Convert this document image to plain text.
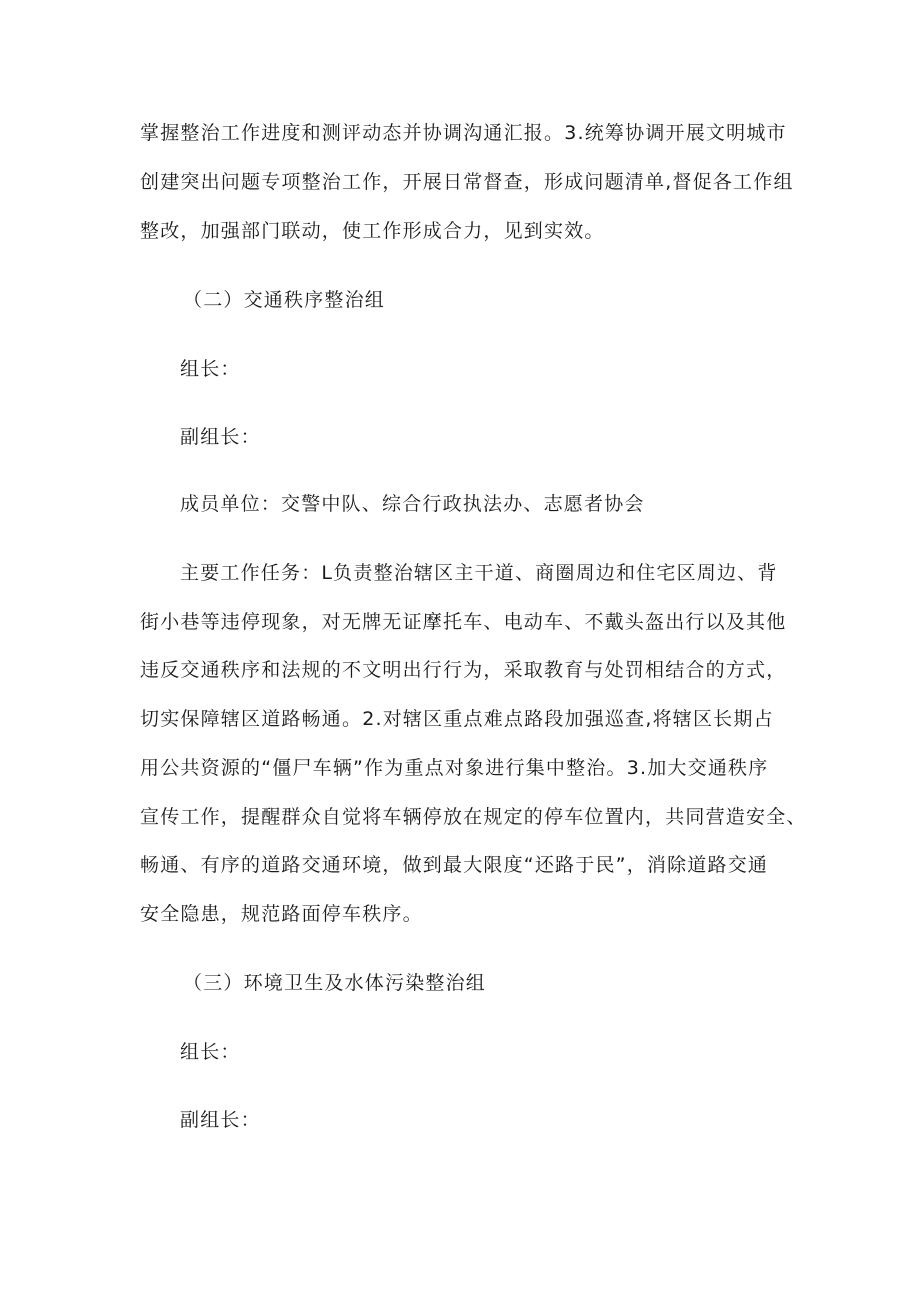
掌握整治工作进度和测评动态并协调沟通汇报。3.统筹协调开展文明城市
创建突出问题专项整治工作，开展日常督查，形成问题清单,督促各工作组
整改，加强部门联动，使工作形成合力，见到实效。
（二）交通秩序整治组
组长：
副组长：
成员单位：交警中队、综合行政执法办、志愿者协会
主要工作任务：L负责整治辖区主干道、商圈周边和住宅区周边、背
街小巷等违停现象，对无牌无证摩托车、电动车、不戴头盔出行以及其他
违反交通秩序和法规的不文明出行行为，采取教育与处罚相结合的方式，
切实保障辖区道路畅通。2.对辖区重点难点路段加强巡查,将辖区长期占
用公共资源的“僵尸车辆”作为重点对象进行集中整治。3.加大交通秩序
宣传工作，提醒群众自觉将车辆停放在规定的停车位置内，共同营造安全、
畅通、有序的道路交通环境，做到最大限度“还路于民”，消除道路交通
安全隐患，规范路面停车秩序。
（三）环境卫生及水体污染整治组
组长：
副组长：
